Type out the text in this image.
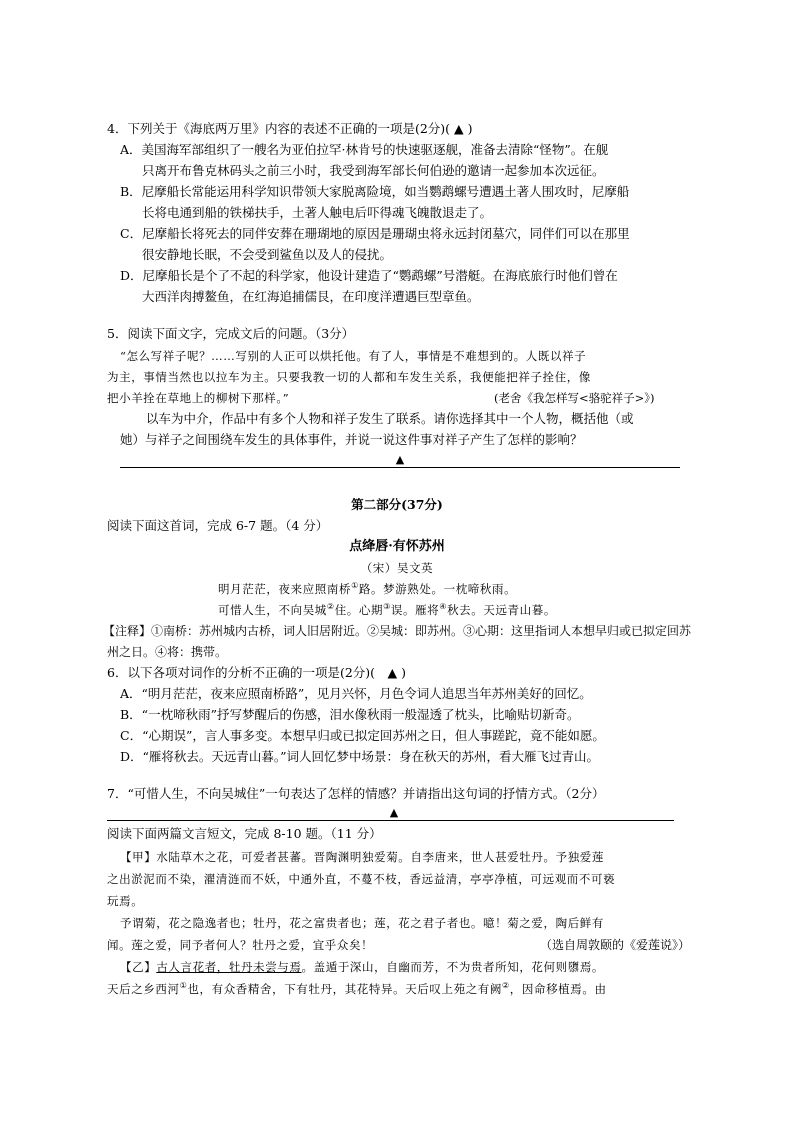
4．下列关于《海底两万里》内容的表述不正确的一项是(2分)( ▲ )
A．美国海军部组织了一艘名为亚伯拉罕·林肯号的快速驱逐舰，准备去清除“怪物”。在舰
只离开布鲁克林码头之前三小时，我受到海军部长何伯逊的邀请一起参加本次远征。
B．尼摩船长常能运用科学知识带领大家脱离险境，如当鹦鹉螺号遭遇土著人围攻时，尼摩船
长将电通到船的铁梯扶手，土著人触电后吓得魂飞魄散退走了。
C．尼摩船长将死去的同伴安葬在珊瑚地的原因是珊瑚虫将永远封闭墓穴，同伴们可以在那里
很安静地长眠，不会受到鲨鱼以及人的侵扰。
D．尼摩船长是个了不起的科学家，他设计建造了“鹦鹉螺”号潜艇。在海底旅行时他们曾在
大西洋肉搏鳌鱼，在红海追捕儒艮，在印度洋遭遇巨型章鱼。
5．阅读下面文字，完成文后的问题。（3分）
“怎么写祥子呢？……写别的人正可以烘托他。有了人，事情是不难想到的。人既以祥子
为主，事情当然也以拉车为主。只要我教一切的人都和车发生关系，我便能把祥子拴住，像
把小羊拴在草地上的柳树下那样。”	(老舍《我怎样写<骆驼祥子>》)
以车为中介，作品中有多个人物和祥子发生了联系。请你选择其中一个人物，概括他（或
她）与祥子之间围绕车发生的具体事件，并说一说这件事对祥子产生了怎样的影响？
▲
第二部分(37分)
阅读下面这首词，完成 6-7 题。（4 分）
点绛唇·有怀苏州
（宋）吴文英
明月茫茫，夜来应照南桥①路。梦游熟处。一枕啼秋雨。
可惜人生，不向吴城②住。心期③误。雁将④秋去。天远青山暮。
【注释】①南桥：苏州城内古桥，词人旧居附近。②吴城：即苏州。③心期：这里指词人本想早归或已拟定回苏
州之日。④将：携带。
6．以下各项对词作的分析不正确的一项是(2分)(　▲ )
A．“明月茫茫，夜来应照南桥路”，见月兴怀，月色令词人追思当年苏州美好的回忆。
B．“一枕啼秋雨”抒写梦醒后的伤感，泪水像秋雨一般湿透了枕头，比喻贴切新奇。
C．“心期误”，言人事多变。本想早归或已拟定回苏州之日，但人事蹉跎，竟不能如愿。
D．“雁将秋去。天远青山暮。”词人回忆梦中场景：身在秋天的苏州，看大雁飞过青山。
7．“可惜人生，不向吴城住”一句表达了怎样的情感？并请指出这句词的抒情方式。（2分）
▲
阅读下面两篇文言短文，完成 8-10 题。（11 分）
【甲】水陆草木之花，可爱者甚蕃。晋陶渊明独爱菊。自李唐来，世人甚爱牡丹。予独爱莲
之出淤泥而不染，濯清涟而不妖，中通外直，不蔓不枝，香远益清，亭亭净植，可远观而不可亵
玩焉。
予谓菊，花之隐逸者也；牡丹，花之富贵者也；莲，花之君子者也。噫！菊之爱，陶后鲜有
闻。莲之爱，同予者何人？牡丹之爱，宜乎众矣！	（选自周敦颐的《爱莲说》）
【乙】古人言花者，牡丹未尝与焉。盖遁于深山，自幽而芳，不为贵者所知，花何则隳焉。
天后之乡西河①也，有众香精舍，下有牡丹，其花特异。天后叹上苑之有阙②，因命移植焉。由
